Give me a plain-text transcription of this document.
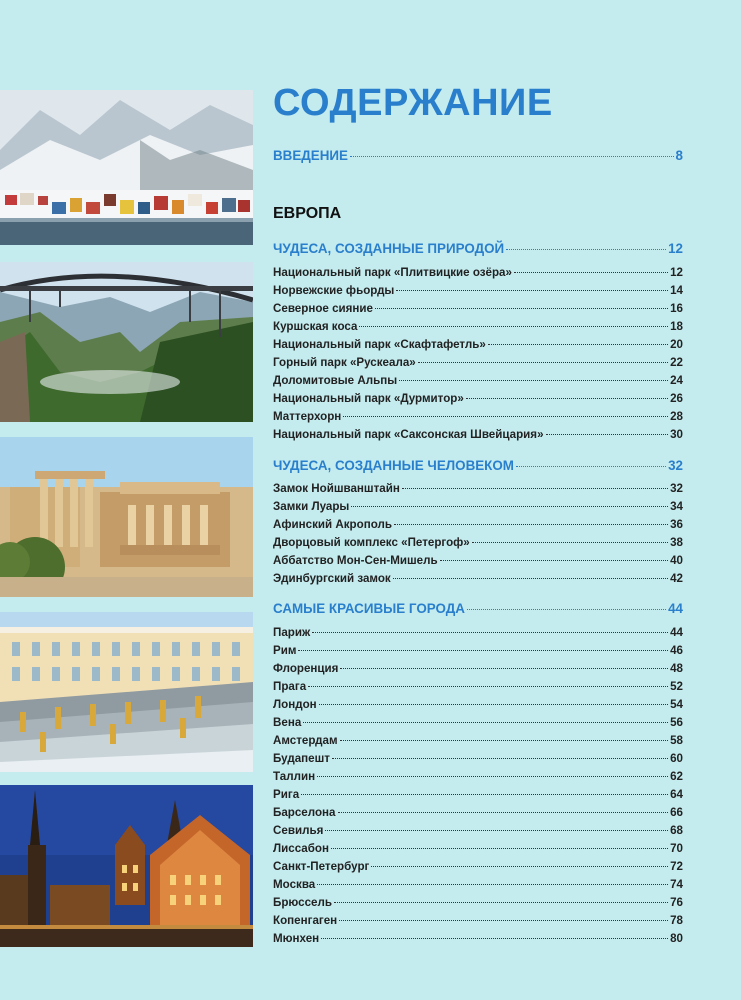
СОДЕРЖАНИЕ
ВВЕДЕНИЕ	8
ЕВРОПА
ЧУДЕСА, СОЗДАННЫЕ ПРИРОДОЙ	12
Национальный парк «Плитвицкие озёра»	12
Норвежские фьорды	14
Северное сияние	16
Куршская коса	18
Национальный парк «Скафтафетль»	20
Горный парк «Рускеала»	22
Доломитовые Альпы	24
Национальный парк «Дурмитор»	26
Маттерхорн	28
Национальный парк «Саксонская Швейцария»	30
ЧУДЕСА, СОЗДАННЫЕ ЧЕЛОВЕКОМ	32
Замок Нойшванштайн	32
Замки Луары	34
Афинский Акрополь	36
Дворцовый комплекс «Петергоф»	38
Аббатство Мон-Сен-Мишель	40
Эдинбургский замок	42
САМЫЕ КРАСИВЫЕ ГОРОДА	44
Париж	44
Рим	46
Флоренция	48
Прага	52
Лондон	54
Вена	56
Амстердам	58
Будапешт	60
Таллин	62
Рига	64
Барселона	66
Севилья	68
Лиссабон	70
Санкт-Петербург	72
Москва	74
Брюссель	76
Копенгаген	78
Мюнхен	80
